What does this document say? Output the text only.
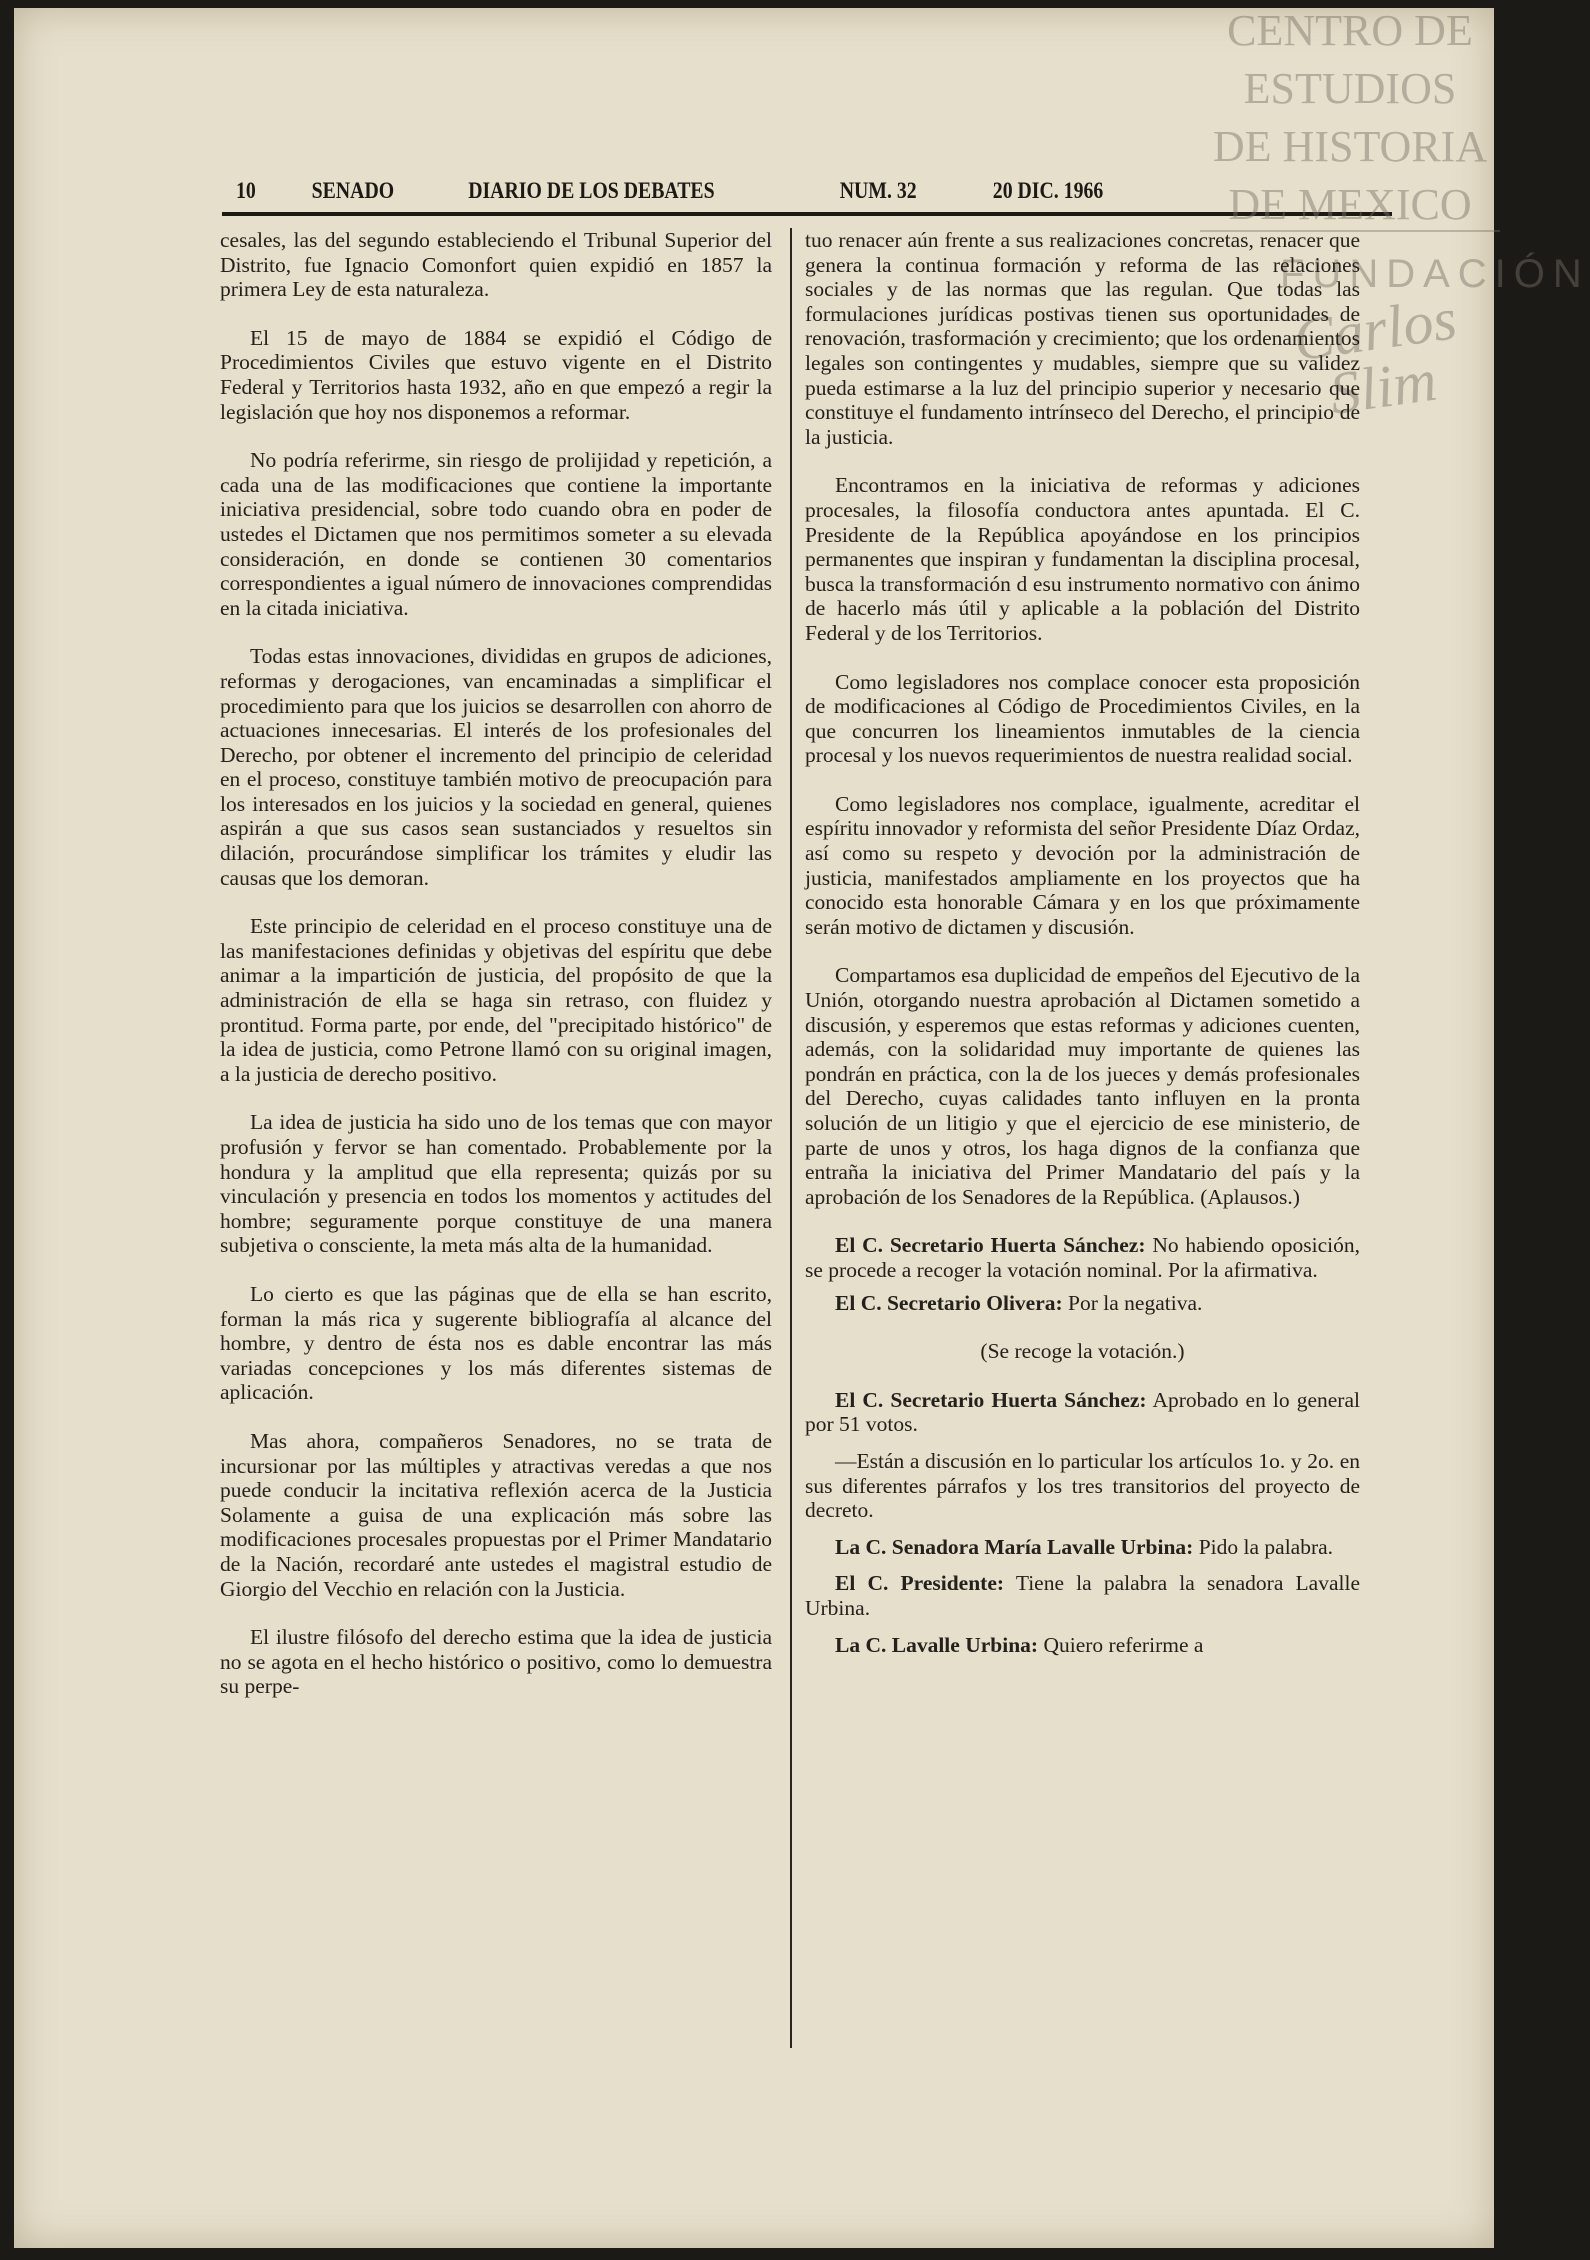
10 SENADO	DIARIO DE LOS DEBATES	NUM. 32	20 DIC. 1966
CENTRO DE
ESTUDIOS
DE HISTORIA
DE MEXICO
FUNDACIÓN
Carlos Slim

cesales, las del segundo estableciendo el Tribunal Superior del Distrito, fue Ignacio Comonfort quien expidió en 1857 la primera Ley de esta naturaleza.

El 15 de mayo de 1884 se expidió el Código de Procedimientos Civiles que estuvo vigente en el Distrito Federal y Territorios hasta 1932, año en que empezó a regir la legislación que hoy nos disponemos a reformar.

No podría referirme, sin riesgo de prolijidad y repetición, a cada una de las modificaciones que contiene la importante iniciativa presidencial, sobre todo cuando obra en poder de ustedes el Dictamen que nos permitimos someter a su elevada consideración, en donde se contienen 30 comentarios correspondientes a igual número de innovaciones comprendidas en la citada iniciativa.

Todas estas innovaciones, divididas en grupos de adiciones, reformas y derogaciones, van encaminadas a simplificar el procedimiento para que los juicios se desarrollen con ahorro de actuaciones innecesarias. El interés de los profesionales del Derecho, por obtener el incremento del principio de celeridad en el proceso, constituye también motivo de preocupación para los interesados en los juicios y la sociedad en general, quienes aspirán a que sus casos sean sustanciados y resueltos sin dilación, procurándose simplificar los trámites y eludir las causas que los demoran.

Este principio de celeridad en el proceso constituye una de las manifestaciones definidas y objetivas del espíritu que debe animar a la impartición de justicia, del propósito de que la administración de ella se haga sin retraso, con fluidez y prontitud. Forma parte, por ende, del "precipitado histórico" de la idea de justicia, como Petrone llamó con su original imagen, a la justicia de derecho positivo.

La idea de justicia ha sido uno de los temas que con mayor profusión y fervor se han comentado. Probablemente por la hondura y la amplitud que ella representa; quizás por su vinculación y presencia en todos los momentos y actitudes del hombre; seguramente porque constituye de una manera subjetiva o consciente, la meta más alta de la humanidad.

Lo cierto es que las páginas que de ella se han escrito, forman la más rica y sugerente bibliografía al alcance del hombre, y dentro de ésta nos es dable encontrar las más variadas concepciones y los más diferentes sistemas de aplicación.

Mas ahora, compañeros Senadores, no se trata de incursionar por las múltiples y atractivas veredas a que nos puede conducir la incitativa reflexión acerca de la Justicia Solamente a guisa de una explicación más sobre las modificaciones procesales propuestas por el Primer Mandatario de la Nación, recordaré ante ustedes el magistral estudio de Giorgio del Vecchio en relación con la Justicia.

El ilustre filósofo del derecho estima que la idea de justicia no se agota en el hecho histórico o positivo, como lo demuestra su perpe-

tuo renacer aún frente a sus realizaciones concretas, renacer que genera la continua formación y reforma de las relaciones sociales y de las normas que las regulan. Que todas las formulaciones jurídicas postivas tienen sus oportunidades de renovación, trasformación y crecimiento; que los ordenamientos legales son contingentes y mudables, siempre que su validez pueda estimarse a la luz del principio superior y necesario que constituye el fundamento intrínseco del Derecho, el principio de la justicia.

Encontramos en la iniciativa de reformas y adiciones procesales, la filosofía conductora antes apuntada. El C. Presidente de la República apoyándose en los principios permanentes que inspiran y fundamentan la disciplina procesal, busca la transformación d esu instrumento normativo con ánimo de hacerlo más útil y aplicable a la población del Distrito Federal y de los Territorios.

Como legisladores nos complace conocer esta proposición de modificaciones al Código de Procedimientos Civiles, en la que concurren los lineamientos inmutables de la ciencia procesal y los nuevos requerimientos de nuestra realidad social.

Como legisladores nos complace, igualmente, acreditar el espíritu innovador y reformista del señor Presidente Díaz Ordaz, así como su respeto y devoción por la administración de justicia, manifestados ampliamente en los proyectos que ha conocido esta honorable Cámara y en los que próximamente serán motivo de dictamen y discusión.

Compartamos esa duplicidad de empeños del Ejecutivo de la Unión, otorgando nuestra aprobación al Dictamen sometido a discusión, y esperemos que estas reformas y adiciones cuenten, además, con la solidaridad muy importante de quienes las pondrán en práctica, con la de los jueces y demás profesionales del Derecho, cuyas calidades tanto influyen en la pronta solución de un litigio y que el ejercicio de ese ministerio, de parte de unos y otros, los haga dignos de la confianza que entraña la iniciativa del Primer Mandatario del país y la aprobación de los Senadores de la República. (Aplausos.)

El C. Secretario Huerta Sánchez: No habiendo oposición, se procede a recoger la votación nominal. Por la afirmativa.

El C. Secretario Olivera: Por la negativa.

(Se recoge la votación.)

El C. Secretario Huerta Sánchez: Aprobado en lo general por 51 votos.

—Están a discusión en lo particular los artículos 1o. y 2o. en sus diferentes párrafos y los tres transitorios del proyecto de decreto.

La C. Senadora María Lavalle Urbina: Pido la palabra.

El C. Presidente: Tiene la palabra la senadora Lavalle Urbina.

La C. Lavalle Urbina: Quiero referirme a
